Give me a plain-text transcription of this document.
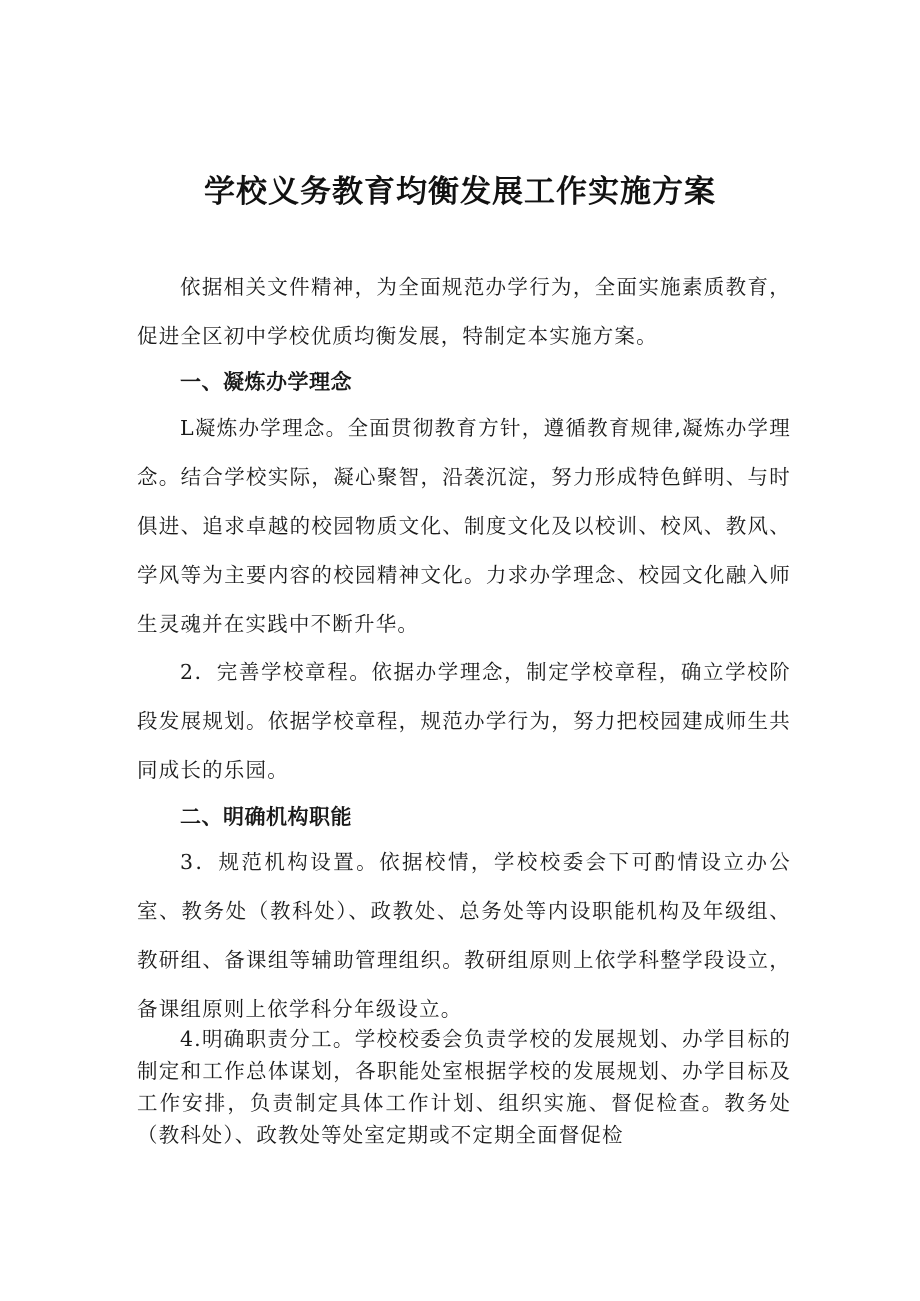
学校义务教育均衡发展工作实施方案

依据相关文件精神，为全面规范办学行为，全面实施素质教育，促进全区初中学校优质均衡发展，特制定本实施方案。

一、凝炼办学理念

L凝炼办学理念。全面贯彻教育方针，遵循教育规律,凝炼办学理念。结合学校实际，凝心聚智，沿袭沉淀，努力形成特色鲜明、与时俱进、追求卓越的校园物质文化、制度文化及以校训、校风、教风、学风等为主要内容的校园精神文化。力求办学理念、校园文化融入师生灵魂并在实践中不断升华。

2．完善学校章程。依据办学理念，制定学校章程，确立学校阶段发展规划。依据学校章程，规范办学行为，努力把校园建成师生共同成长的乐园。

二、明确机构职能

3．规范机构设置。依据校情，学校校委会下可酌情设立办公室、教务处（教科处）、政教处、总务处等内设职能机构及年级组、教研组、备课组等辅助管理组织。教研组原则上依学科整学段设立，备课组原则上依学科分年级设立。

4.明确职责分工。学校校委会负责学校的发展规划、办学目标的制定和工作总体谋划，各职能处室根据学校的发展规划、办学目标及工作安排，负责制定具体工作计划、组织实施、督促检查。教务处（教科处）、政教处等处室定期或不定期全面督促检
